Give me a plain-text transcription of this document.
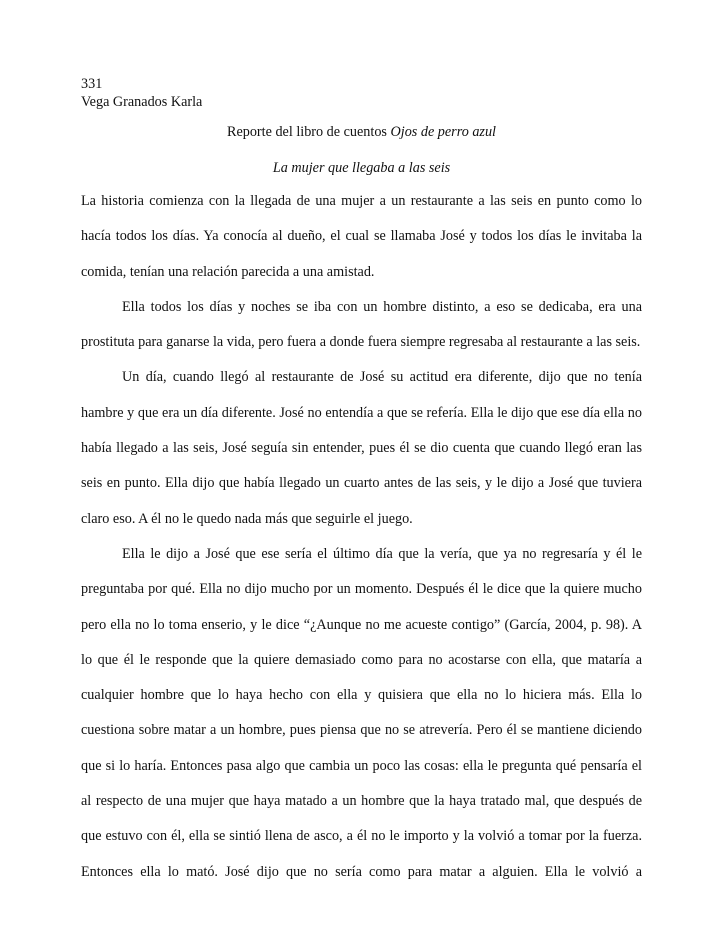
331

Vega Granados Karla

Reporte del libro de cuentos Ojos de perro azul

La mujer que llegaba a las seis

La historia comienza con la llegada de una mujer a un restaurante a las seis en punto como lo hacía todos los días. Ya conocía al dueño, el cual se llamaba José y todos los días le invitaba la comida, tenían una relación parecida a una amistad.

Ella todos los días y noches se iba con un hombre distinto, a eso se dedicaba, era una prostituta para ganarse la vida, pero fuera a donde fuera siempre regresaba al restaurante a las seis.

Un día, cuando llegó al restaurante de José su actitud era diferente, dijo que no tenía hambre y que era un día diferente. José no entendía a que se refería. Ella le dijo que ese día ella no había llegado a las seis, José seguía sin entender, pues él se dio cuenta que cuando llegó eran las seis en punto. Ella dijo que había llegado un cuarto antes de las seis, y le dijo a José que tuviera claro eso. A él no le quedo nada más que seguirle el juego.

Ella le dijo a José que ese sería el último día que la vería, que ya no regresaría y él le preguntaba por qué. Ella no dijo mucho por un momento. Después él le dice que la quiere mucho pero ella no lo toma enserio, y le dice “¿Aunque no me acueste contigo” (García, 2004, p. 98). A lo que él le responde que la quiere demasiado como para no acostarse con ella, que mataría a cualquier hombre que lo haya hecho con ella y quisiera que ella no lo hiciera más. Ella lo cuestiona sobre matar a un hombre, pues piensa que no se atrevería. Pero él se mantiene diciendo que si lo haría. Entonces pasa algo que cambia un poco las cosas: ella le pregunta qué pensaría el al respecto de una mujer que haya matado a un hombre que la haya tratado mal, que después de que estuvo con él, ella se sintió llena de asco, a él no le importo y la volvió a tomar por la fuerza. Entonces ella lo mató. José dijo que no sería como para matar a alguien. Ella le volvió a
